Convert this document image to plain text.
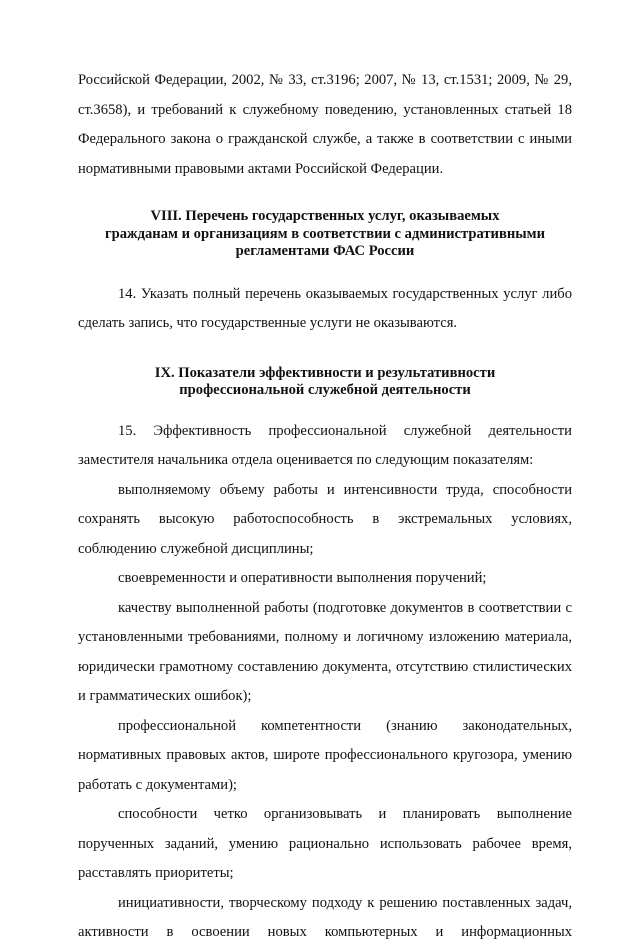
Российской Федерации, 2002, № 33, ст.3196; 2007, № 13, ст.1531; 2009, № 29, ст.3658), и требований к служебному поведению, установленных статьей 18 Федерального закона о гражданской службе, а также в соответствии с иными нормативными правовыми актами Российской Федерации.

VIII. Перечень государственных услуг, оказываемых
гражданам и организациям в соответствии с административными
регламентами ФАС России

14. Указать полный перечень оказываемых государственных услуг либо сделать запись, что государственные услуги не оказываются.

IX. Показатели эффективности и результативности
профессиональной служебной деятельности

15. Эффективность профессиональной служебной деятельности заместителя начальника отдела оценивается по следующим показателям:

выполняемому объему работы и интенсивности труда, способности сохранять высокую работоспособность в экстремальных условиях, соблюдению служебной дисциплины;

своевременности и оперативности выполнения поручений;

качеству выполненной работы (подготовке документов в соответствии с установленными требованиями, полному и логичному изложению материала, юридически грамотному составлению документа, отсутствию стилистических и грамматических ошибок);

профессиональной компетентности (знанию законодательных, нормативных правовых актов, широте профессионального кругозора, умению работать с документами);

способности четко организовывать и планировать выполнение порученных заданий, умению рационально использовать рабочее время, расставлять приоритеты;

инициативности, творческому подходу к решению поставленных задач, активности в освоении новых компьютерных и информационных
